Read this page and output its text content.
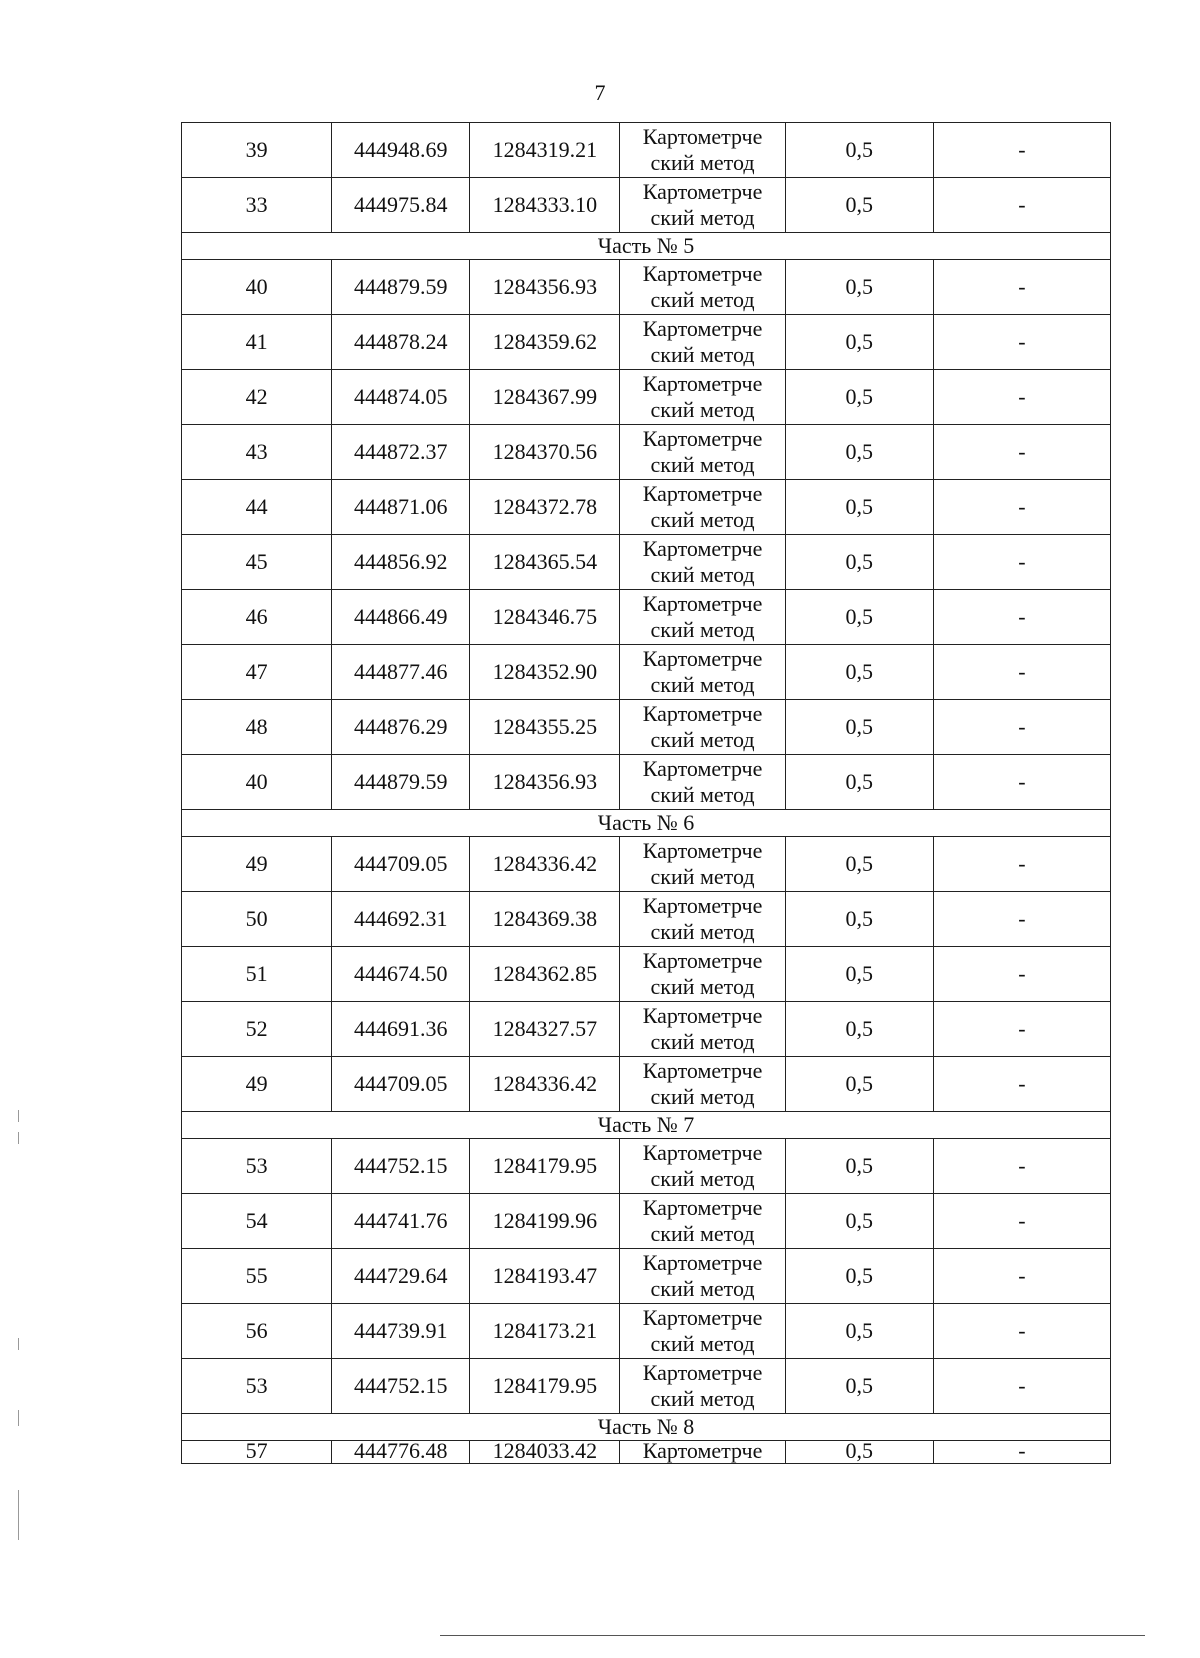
7
39	444948.69	1284319.21	Картометрче
ский метод	0,5	-
33	444975.84	1284333.10	Картометрче
ский метод	0,5	-
Часть № 5					
40	444879.59	1284356.93	Картометрче
ский метод	0,5	-
41	444878.24	1284359.62	Картометрче
ский метод	0,5	-
42	444874.05	1284367.99	Картометрче
ский метод	0,5	-
43	444872.37	1284370.56	Картометрче
ский метод	0,5	-
44	444871.06	1284372.78	Картометрче
ский метод	0,5	-
45	444856.92	1284365.54	Картометрче
ский метод	0,5	-
46	444866.49	1284346.75	Картометрче
ский метод	0,5	-
47	444877.46	1284352.90	Картометрче
ский метод	0,5	-
48	444876.29	1284355.25	Картометрче
ский метод	0,5	-
40	444879.59	1284356.93	Картометрче
ский метод	0,5	-
Часть № 6					
49	444709.05	1284336.42	Картометрче
ский метод	0,5	-
50	444692.31	1284369.38	Картометрче
ский метод	0,5	-
51	444674.50	1284362.85	Картометрче
ский метод	0,5	-
52	444691.36	1284327.57	Картометрче
ский метод	0,5	-
49	444709.05	1284336.42	Картометрче
ский метод	0,5	-
Часть № 7					
53	444752.15	1284179.95	Картометрче
ский метод	0,5	-
54	444741.76	1284199.96	Картометрче
ский метод	0,5	-
55	444729.64	1284193.47	Картометрче
ский метод	0,5	-
56	444739.91	1284173.21	Картометрче
ский метод	0,5	-
53	444752.15	1284179.95	Картометрче
ский метод	0,5	-
Часть № 8					
57	444776.48	1284033.42	Картометрче	0,5	-
